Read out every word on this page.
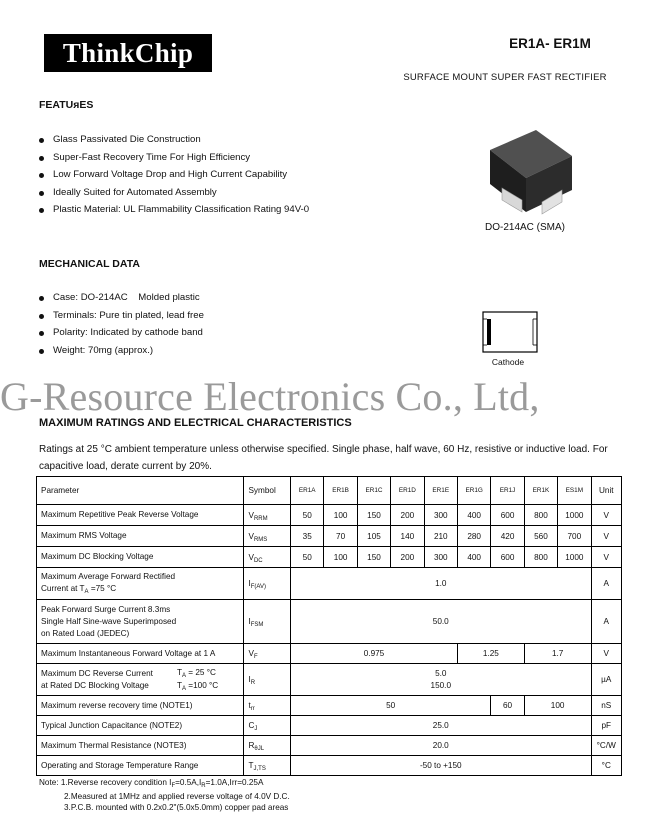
ThinkChip	ER1A- ER1M
SURFACE MOUNT SUPER FAST RECTIFIER
FEATUᴙES
Glass Passivated Die Construction
Super-Fast Recovery Time For High Efficiency
Low Forward Voltage Drop and High Current Capability
Ideally Suited for Automated Assembly
Plastic Material: UL Flammability Classification Rating 94V-0
DO-214AC (SMA)
MECHANICAL DATA
Case: DO-214AC    Molded plastic
Terminals: Pure tin plated, lead free
Polarity: Indicated by cathode band
Weight: 70mg (approx.)
Cathode
G-Resource Electronics Co., Ltd,
MAXIMUM RATINGS AND ELECTRICAL CHARACTERISTICS
Ratings at 25 °C ambient temperature unless otherwise specified. Single phase, half wave, 60 Hz, resistive or inductive load. For capacitive load, derate current by 20%.
Parameter	Symbol	ER1A	ER1B	ER1C	ER1D	ER1E	ER1G	ER1J	ER1K	ES1M	Unit
Maximum Repetitive Peak Reverse Voltage	$V_{RRM}$	50	100	150	200	300	400	600	800	1000	V
Maximum RMS Voltage	$V_{RMS}$	35	70	105	140	210	280	420	560	700	V
Maximum DC Blocking Voltage	$V_{DC}$	50	100	150	200	300	400	600	800	1000	V
Maximum Average Forward Rectified
Current at $T_A =75$ °C	$I_{F(AV)}$	1.0									A
Peak Forward Surge Current 8.3ms
Single Half Sine-wave Superimposed
on Rated Load (JEDEC)	$I_{FSM}$	50.0									A
Maximum Instantaneous Forward Voltage at 1 A	$V_F$	0.975					1.25		1.7		V
Maximum DC Reverse Current
at Rated DC Blocking Voltage
$T_A = 25$ °C
$T_A =100$ °C	$I_R$	5.0
150.0									µA
Maximum reverse recovery time (NOTE1)	$t_{rr}$	50						60	100		nS
Typical Junction Capacitance (NOTE2)	$C_J$	25.0									pF
Maximum Thermal Resistance (NOTE3)	$R_{\theta JL}$	20.0									°C/W
Operating and Storage Temperature Range	$T_{J,TS}$	-50 to +150									°C
Note: 1.Reverse recovery condition $I_F=0.5A,I_R=1.0A,Irr=0.25A$
2.Measured at 1MHz and applied reverse voltage of 4.0V D.C.
3.P.C.B. mounted with 0.2x0.2"(5.0x5.0mm) copper pad areas
